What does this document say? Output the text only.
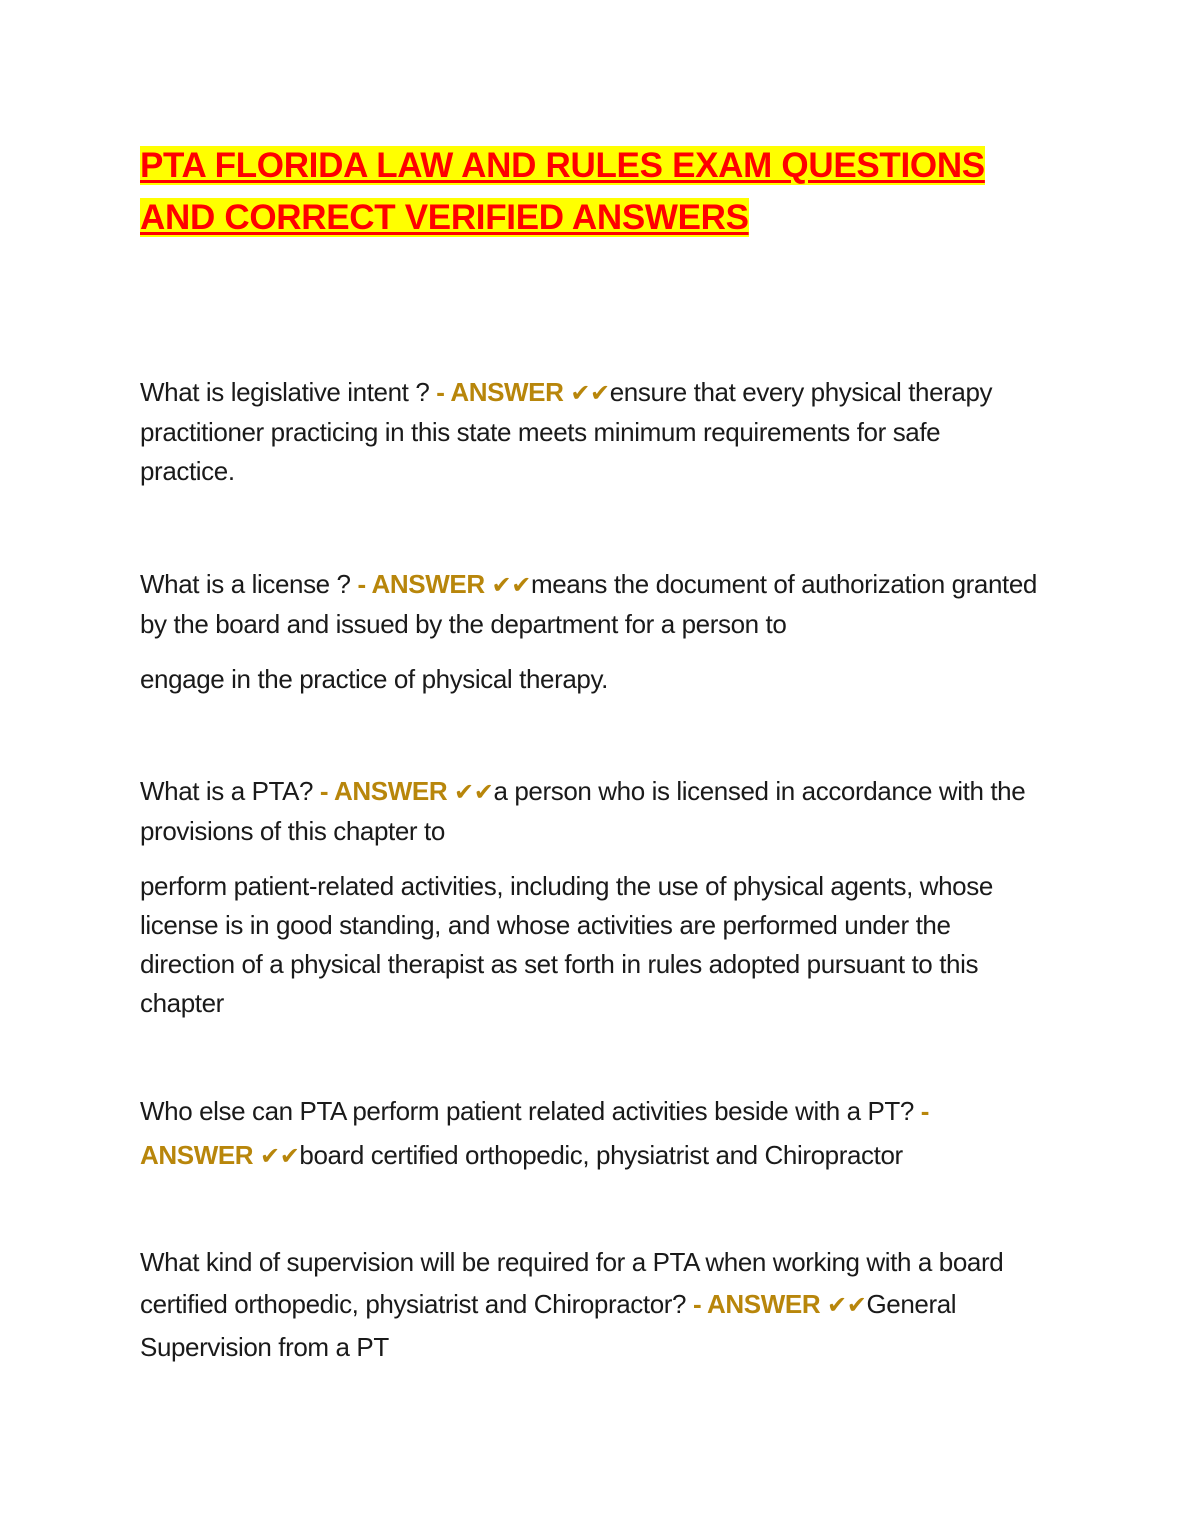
PTA FLORIDA LAW AND RULES EXAM QUESTIONS
AND CORRECT VERIFIED ANSWERS

What is legislative intent ? - ANSWER ✔✔ensure that every physical therapy practitioner practicing in this state meets minimum requirements for safe practice.

What is a license ? - ANSWER ✔✔means the document of authorization granted by the board and issued by the department for a person to

engage in the practice of physical therapy.

What is a PTA? - ANSWER ✔✔a person who is licensed in accordance with the provisions of this chapter to

perform patient-related activities, including the use of physical agents, whose license is in good standing, and whose activities are performed under the direction of a physical therapist as set forth in rules adopted pursuant to this chapter

Who else can PTA perform patient related activities beside with a PT? - ANSWER ✔✔board certified orthopedic, physiatrist and Chiropractor

What kind of supervision will be required for a PTA when working with a board certified orthopedic, physiatrist and Chiropractor? - ANSWER ✔✔General Supervision from a PT
